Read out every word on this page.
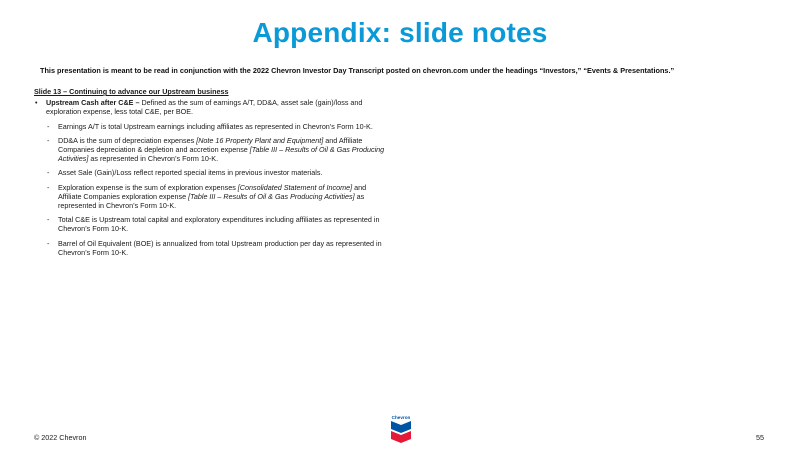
Appendix: slide notes
This presentation is meant to be read in conjunction with the 2022 Chevron Investor Day Transcript posted on chevron.com under the headings “Investors,” “Events & Presentations.”
Slide 13 – Continuing to advance our Upstream business
• Upstream Cash after C&E – Defined as the sum of earnings A/T, DD&A, asset sale (gain)/loss and exploration expense, less total C&E, per BOE.
- Earnings A/T is total Upstream earnings including affiliates as represented in Chevron’s Form 10-K.
- DD&A is the sum of depreciation expenses [Note 16 Property Plant and Equipment] and Affiliate Companies depreciation & depletion and accretion expense [Table III – Results of Oil & Gas Producing Activities] as represented in Chevron’s Form 10-K.
- Asset Sale (Gain)/Loss reflect reported special items in previous investor materials.
- Exploration expense is the sum of exploration expenses [Consolidated Statement of Income] and Affiliate Companies exploration expense [Table III – Results of Oil & Gas Producing Activities] as represented in Chevron’s Form 10-K.
- Total C&E is Upstream total capital and exploratory expenditures including affiliates as represented in Chevron’s Form 10-K.
- Barrel of Oil Equivalent (BOE) is annualized from total Upstream production per day as represented in Chevron’s Form 10-K.
© 2022 Chevron
Chevron
55
